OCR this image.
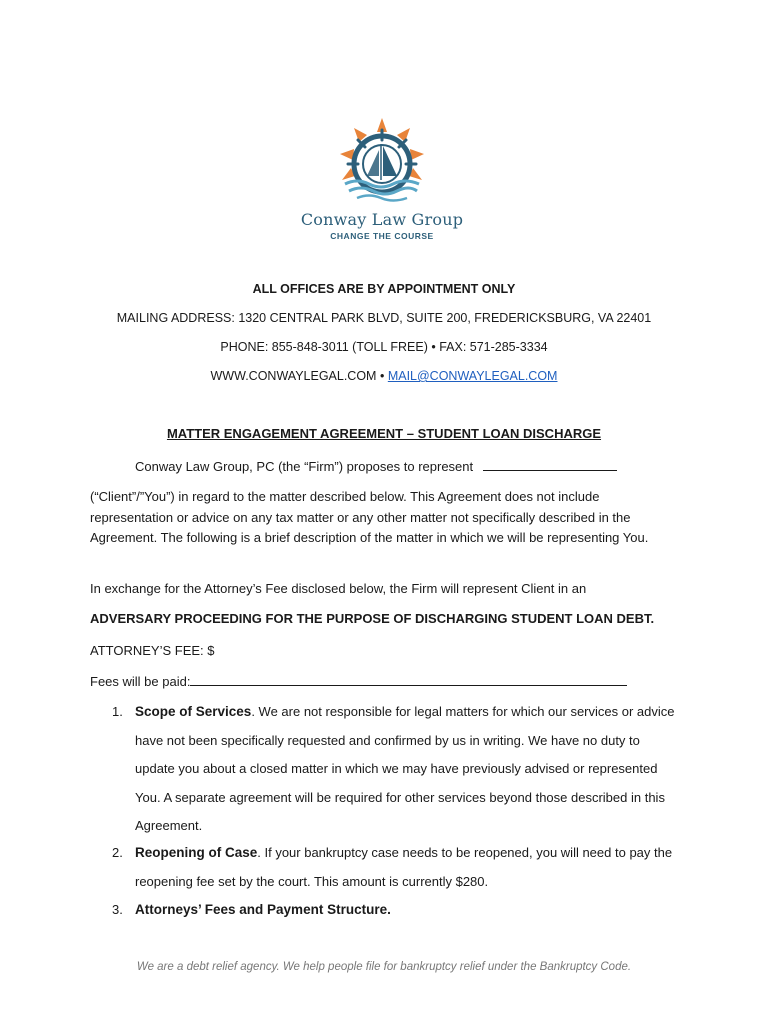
Conway Law Group
CHANGE THE COURSE
ALL OFFICES ARE BY APPOINTMENT ONLY
MAILING ADDRESS: 1320 CENTRAL PARK BLVD, SUITE 200, FREDERICKSBURG, VA 22401
PHONE: 855-848-3011 (TOLL FREE) • FAX: 571-285-3334
WWW.CONWAYLEGAL.COM • MAIL@CONWAYLEGAL.COM
MATTER ENGAGEMENT AGREEMENT – STUDENT LOAN DISCHARGE
Conway Law Group, PC (the “Firm”) proposes to represent
(“Client”/”You”) in regard to the matter described below. This Agreement does not include representation or advice on any tax matter or any other matter not specifically described in the Agreement. The following is a brief description of the matter in which we will be representing You.
In exchange for the Attorney’s Fee disclosed below, the Firm will represent Client in an
ADVERSARY PROCEEDING FOR THE PURPOSE OF DISCHARGING STUDENT LOAN DEBT.
ATTORNEY’S FEE: $
Fees will be paid:
1. Scope of Services. We are not responsible for legal matters for which our services or advice have not been specifically requested and confirmed by us in writing. We have no duty to update you about a closed matter in which we may have previously advised or represented You. A separate agreement will be required for other services beyond those described in this Agreement.
2. Reopening of Case. If your bankruptcy case needs to be reopened, you will need to pay the reopening fee set by the court. This amount is currently $280.
3. Attorneys’ Fees and Payment Structure.
We are a debt relief agency. We help people file for bankruptcy relief under the Bankruptcy Code.
